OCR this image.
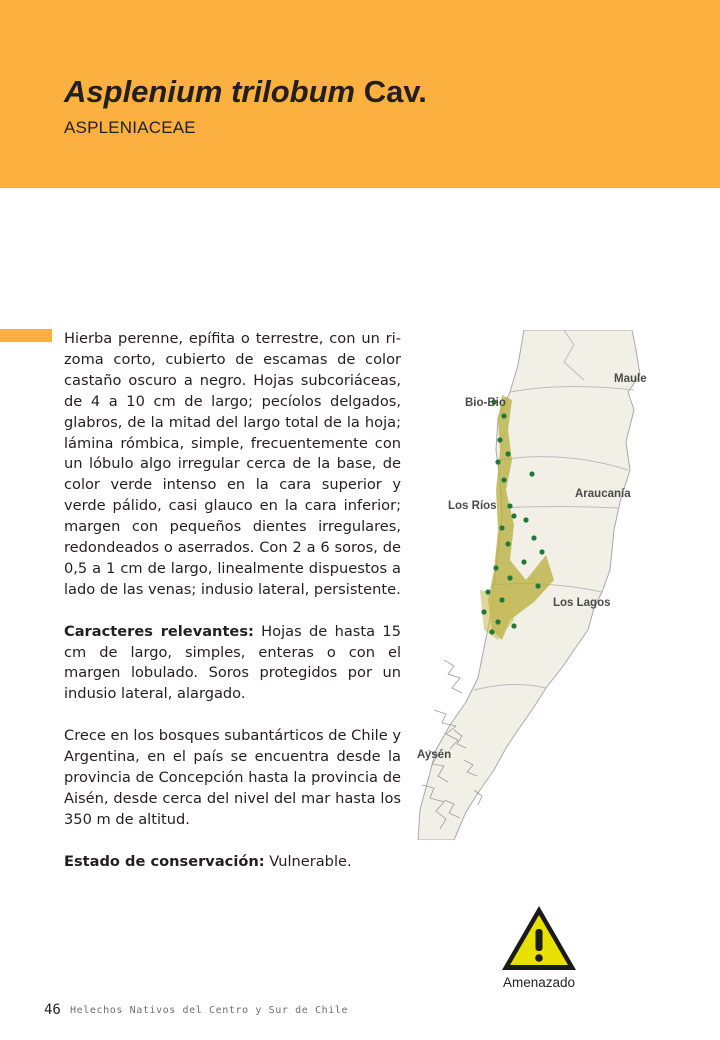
Asplenium trilobum Cav.
ASPLENIACEAE

Hierba perenne, epífita o terrestre, con un rizoma corto, cubierto de escamas de color castaño oscuro a negro. Hojas subcoriáceas, de 4 a 10 cm de largo; pecíolos delgados, glabros, de la mitad del largo total de la hoja; lámina rómbica, simple, frecuentemente con un lóbulo algo irregular cerca de la base, de color verde intenso en la cara superior y verde pálido, casi glauco en la cara inferior; margen con pequeños dientes irregulares, redondeados o aserrados. Con 2 a 6 soros, de 0,5 a 1 cm de largo, linealmente dispuestos a lado de las venas; indusio lateral, persistente.

Caracteres relevantes: Hojas de hasta 15 cm de largo, simples, enteras o con el margen lobulado. Soros protegidos por un indusio lateral, alargado.

Crece en los bosques subantárticos de Chile y Argentina, en el país se encuentra desde la provincia de Concepción hasta la provincia de Aisén, desde cerca del nivel del mar hasta los 350 m de altitud.

Estado de conservación: Vulnerable.

Maule
Bio-Bio
Araucanía
Los Ríos
Los Lagos
Aysén
Amenazado
46 Helechos Nativos del Centro y Sur de Chile
